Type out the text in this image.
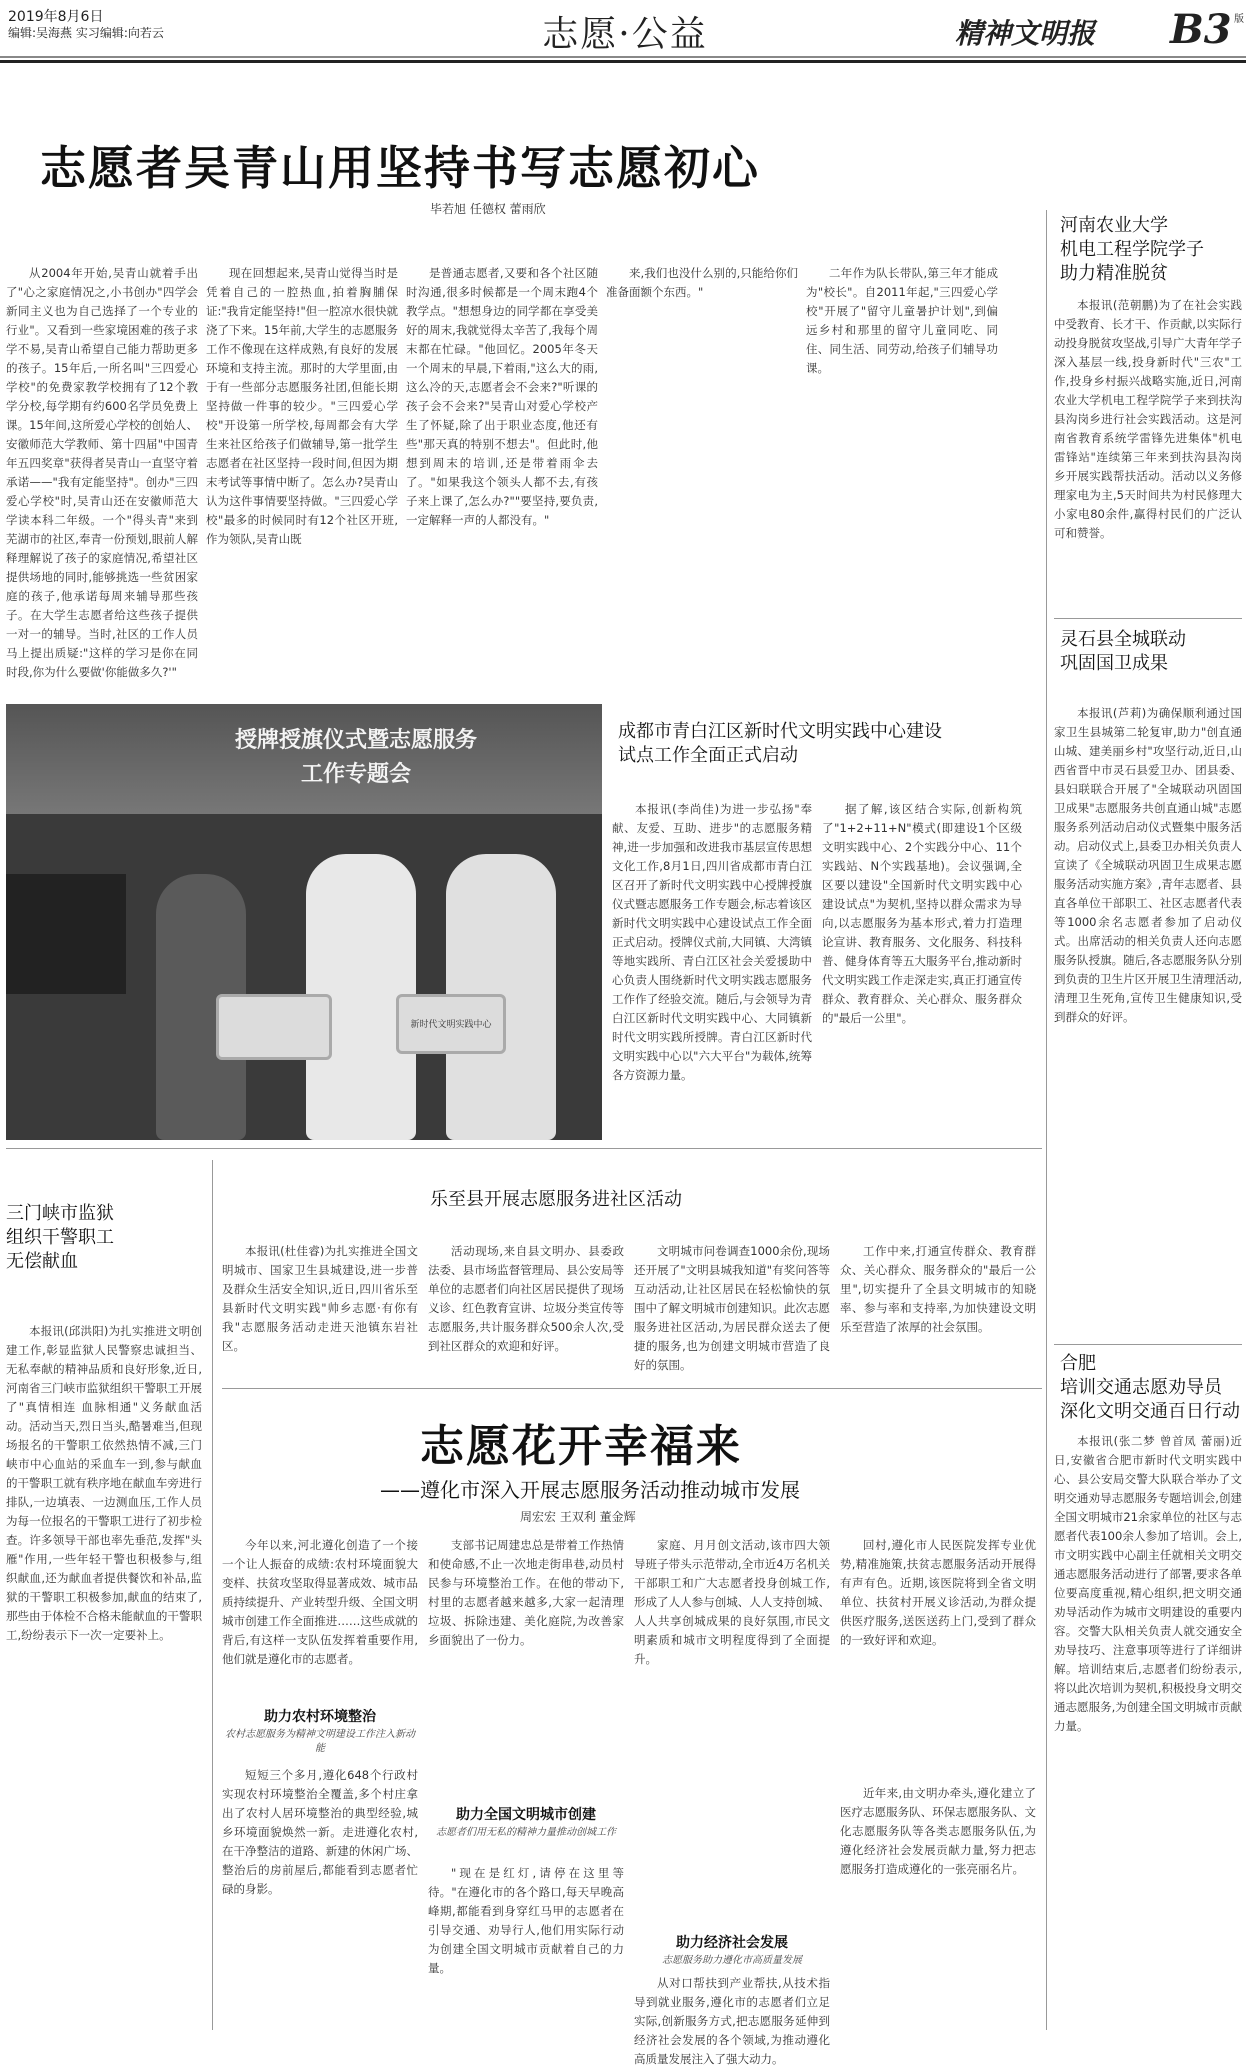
2019年8月6日
编辑:吴海燕 实习编辑:向若云	志愿·公益	精神文明报 B3 版
志愿者吴青山用坚持书写志愿初心
毕若旭 任德权 蕾雨欣

从2004年开始,吴青山就着手出了"心之家庭情况之,小书创办"四学会新同主义也为自己选择了一个专业的行业"。又看到一些家境困难的孩子求学不易,吴青山希望自己能力帮助更多的孩子。15年后,一所名叫"三四爱心学校"的免费家教学校拥有了12个教学分校,每学期有约600名学员免费上课。15年间,这所爱心学校的创始人、安徽师范大学教师、第十四届"中国青年五四奖章"获得者吴青山一直坚守着承诺——"我有定能坚持"。创办"三四爱心学校"时,吴青山还在安徽师范大学读本科二年级。一个"得头青"来到芜湖市的社区,奉青一份预划,眼前人解释理解说了孩子的家庭情况,希望社区提供场地的同时,能够挑选一些贫困家庭的孩子,他承诺每周来辅导那些孩子。在大学生志愿者给这些孩子提供一对一的辅导。当时,社区的工作人员马上提出质疑:"这样的学习是你在同时段,你为什么要做'你能做多久?'"

现在回想起来,吴青山觉得当时是凭着自己的一腔热血,拍着胸脯保证:"我肯定能坚持!"但一腔凉水很快就浇了下来。15年前,大学生的志愿服务工作不像现在这样成熟,有良好的发展环境和支持主流。那时的大学里面,由于有一些部分志愿服务社团,但能长期坚持做一件事的较少。"三四爱心学校"开设第一所学校,每周都会有大学生来社区给孩子们做辅导,第一批学生志愿者在社区坚持一段时间,但因为期末考试等事情中断了。怎么办?吴青山认为这件事情要坚持做。"三四爱心学校"最多的时候同时有12个社区开班,作为领队,吴青山既

是普通志愿者,又要和各个社区随时沟通,很多时候都是一个周末跑4个教学点。"想想身边的同学都在享受美好的周末,我就觉得太辛苦了,我每个周末都在忙碌。"他回忆。2005年冬天一个周末的早晨,下着雨,"这么大的雨,这么冷的天,志愿者会不会来?"听课的孩子会不会来?"吴青山对爱心学校产生了怀疑,除了出于职业态度,他还有些"那天真的特别不想去"。但此时,他想到周末的培训,还是带着雨伞去了。"如果我这个领头人都不去,有孩子来上课了,怎么办?""要坚持,要负责,一定解释一声的人都没有。"

来,我们也没什么别的,只能给你们准备面额个东西。"

二年作为队长带队,第三年才能成为"校长"。自2011年起,"三四爱心学校"开展了"留守儿童暑护计划",到偏远乡村和那里的留守儿童同吃、同住、同生活、同劳动,给孩子们辅导功课。

授牌授旗仪式暨志愿服务
工作专题会
新时代文明实践中心
成都市青白江区新时代文明实践中心建设
试点工作全面正式启动

本报讯(李尚佳)为进一步弘扬"奉献、友爱、互助、进步"的志愿服务精神,进一步加强和改进我市基层宣传思想文化工作,8月1日,四川省成都市青白江区召开了新时代文明实践中心授牌授旗仪式暨志愿服务工作专题会,标志着该区新时代文明实践中心建设试点工作全面正式启动。授牌仪式前,大同镇、大湾镇等地实践所、青白江区社会关爱援助中心负责人围绕新时代文明实践志愿服务工作作了经验交流。随后,与会领导为青白江区新时代文明实践中心、大同镇新时代文明实践所授牌。青白江区新时代文明实践中心以"六大平台"为载体,统筹各方资源力量。

据了解,该区结合实际,创新构筑了"1+2+11+N"模式(即建设1个区级文明实践中心、2个实践分中心、11个实践站、N个实践基地)。会议强调,全区要以建设"全国新时代文明实践中心建设试点"为契机,坚持以群众需求为导向,以志愿服务为基本形式,着力打造理论宣讲、教育服务、文化服务、科技科普、健身体育等五大服务平台,推动新时代文明实践工作走深走实,真正打通宣传群众、教育群众、关心群众、服务群众的"最后一公里"。

三门峡市监狱
组织干警职工
无偿献血

本报讯(邱洪阳)为扎实推进文明创建工作,彰显监狱人民警察忠诚担当、无私奉献的精神品质和良好形象,近日,河南省三门峡市监狱组织干警职工开展了"真情相连 血脉相通"义务献血活动。活动当天,烈日当头,酷暑难当,但现场报名的干警职工依然热情不减,三门峡市中心血站的采血车一到,参与献血的干警职工就有秩序地在献血车旁进行排队,一边填表、一边测血压,工作人员为每一位报名的干警职工进行了初步检查。许多领导干部也率先垂范,发挥"头雁"作用,一些年轻干警也积极参与,组织献血,还为献血者提供餐饮和补品,监狱的干警职工积极参加,献血的结束了,那些由于体检不合格未能献血的干警职工,纷纷表示下一次一定要补上。

乐至县开展志愿服务进社区活动

本报讯(杜佳睿)为扎实推进全国文明城市、国家卫生县城建设,进一步普及群众生活安全知识,近日,四川省乐至县新时代文明实践"帅乡志愿·有你有我"志愿服务活动走进天池镇东岩社区。

活动现场,来自县文明办、县委政法委、县市场监督管理局、县公安局等单位的志愿者们向社区居民提供了现场义诊、红色教育宣讲、垃圾分类宣传等志愿服务,共计服务群众500余人次,受到社区群众的欢迎和好评。

文明城市问卷调查1000余份,现场还开展了"文明县城我知道"有奖问答等互动活动,让社区居民在轻松愉快的氛围中了解文明城市创建知识。此次志愿服务进社区活动,为居民群众送去了便捷的服务,也为创建文明城市营造了良好的氛围。

工作中来,打通宣传群众、教育群众、关心群众、服务群众的"最后一公里",切实提升了全县文明城市的知晓率、参与率和支持率,为加快建设文明乐至营造了浓厚的社会氛围。

志愿花开幸福来
——遵化市深入开展志愿服务活动推动城市发展
周宏宏 王双利 董金辉

今年以来,河北遵化创造了一个接一个让人振奋的成绩:农村环境面貌大变样、扶贫攻坚取得显著成效、城市品质持续提升、产业转型升级、全国文明城市创建工作全面推进……这些成就的背后,有这样一支队伍发挥着重要作用,他们就是遵化市的志愿者。

助力农村环境整治
农村志愿服务为精神文明建设工作注入新动能

短短三个多月,遵化648个行政村实现农村环境整治全覆盖,多个村庄拿出了农村人居环境整治的典型经验,城乡环境面貌焕然一新。走进遵化农村,在干净整洁的道路、新建的休闲广场、整治后的房前屋后,都能看到志愿者忙碌的身影。

支部书记周建忠总是带着工作热情和使命感,不止一次地走街串巷,动员村民参与环境整治工作。在他的带动下,村里的志愿者越来越多,大家一起清理垃圾、拆除违建、美化庭院,为改善家乡面貌出了一份力。

助力全国文明城市创建
志愿者们用无私的精神力量推动创城工作

"现在是红灯,请停在这里等待。"在遵化市的各个路口,每天早晚高峰期,都能看到身穿红马甲的志愿者在引导交通、劝导行人,他们用实际行动为创建全国文明城市贡献着自己的力量。

家庭、月月创文活动,该市四大领导班子带头示范带动,全市近4万名机关干部职工和广大志愿者投身创城工作,形成了人人参与创城、人人支持创城、人人共享创城成果的良好氛围,市民文明素质和城市文明程度得到了全面提升。

助力经济社会发展
志愿服务助力遵化市高质量发展

从对口帮扶到产业帮扶,从技术指导到就业服务,遵化市的志愿者们立足实际,创新服务方式,把志愿服务延伸到经济社会发展的各个领域,为推动遵化高质量发展注入了强大动力。

回村,遵化市人民医院发挥专业优势,精准施策,扶贫志愿服务活动开展得有声有色。近期,该医院将到全省文明单位、扶贫村开展义诊活动,为群众提供医疗服务,送医送药上门,受到了群众的一致好评和欢迎。

近年来,由文明办牵头,遵化建立了医疗志愿服务队、环保志愿服务队、文化志愿服务队等各类志愿服务队伍,为遵化经济社会发展贡献力量,努力把志愿服务打造成遵化的一张亮丽名片。

河南农业大学
机电工程学院学子
助力精准脱贫

本报讯(范朝鹏)为了在社会实践中受教育、长才干、作贡献,以实际行动投身脱贫攻坚战,引导广大青年学子深入基层一线,投身新时代"三农"工作,投身乡村振兴战略实施,近日,河南农业大学机电工程学院学子来到扶沟县沟岗乡进行社会实践活动。这是河南省教育系统学雷锋先进集体"机电雷锋站"连续第三年来到扶沟县沟岗乡开展实践帮扶活动。活动以义务修理家电为主,5天时间共为村民修理大小家电80余件,赢得村民们的广泛认可和赞誉。

灵石县全城联动
巩固国卫成果

本报讯(芦莉)为确保顺利通过国家卫生县城第二轮复审,助力"创直通山城、建美丽乡村"攻坚行动,近日,山西省晋中市灵石县爱卫办、团县委、县妇联联合开展了"全城联动巩固国卫成果"志愿服务共创直通山城"志愿服务系列活动启动仪式暨集中服务活动。启动仪式上,县委卫办相关负责人宣读了《全城联动巩固卫生成果志愿服务活动实施方案》,青年志愿者、县直各单位干部职工、社区志愿者代表等1000余名志愿者参加了启动仪式。出席活动的相关负责人还向志愿服务队授旗。随后,各志愿服务队分别到负责的卫生片区开展卫生清理活动,清理卫生死角,宣传卫生健康知识,受到群众的好评。

合肥
培训交通志愿劝导员
深化文明交通百日行动

本报讯(张二梦 曾首凤 蕾丽)近日,安徽省合肥市新时代文明实践中心、县公安局交警大队联合举办了文明交通劝导志愿服务专题培训会,创建全国文明城市21余家单位的社区与志愿者代表100余人参加了培训。会上,市文明实践中心副主任就相关文明交通志愿服务活动进行了部署,要求各单位要高度重视,精心组织,把文明交通劝导活动作为城市文明建设的重要内容。交警大队相关负责人就交通安全劝导技巧、注意事项等进行了详细讲解。培训结束后,志愿者们纷纷表示,将以此次培训为契机,积极投身文明交通志愿服务,为创建全国文明城市贡献力量。
